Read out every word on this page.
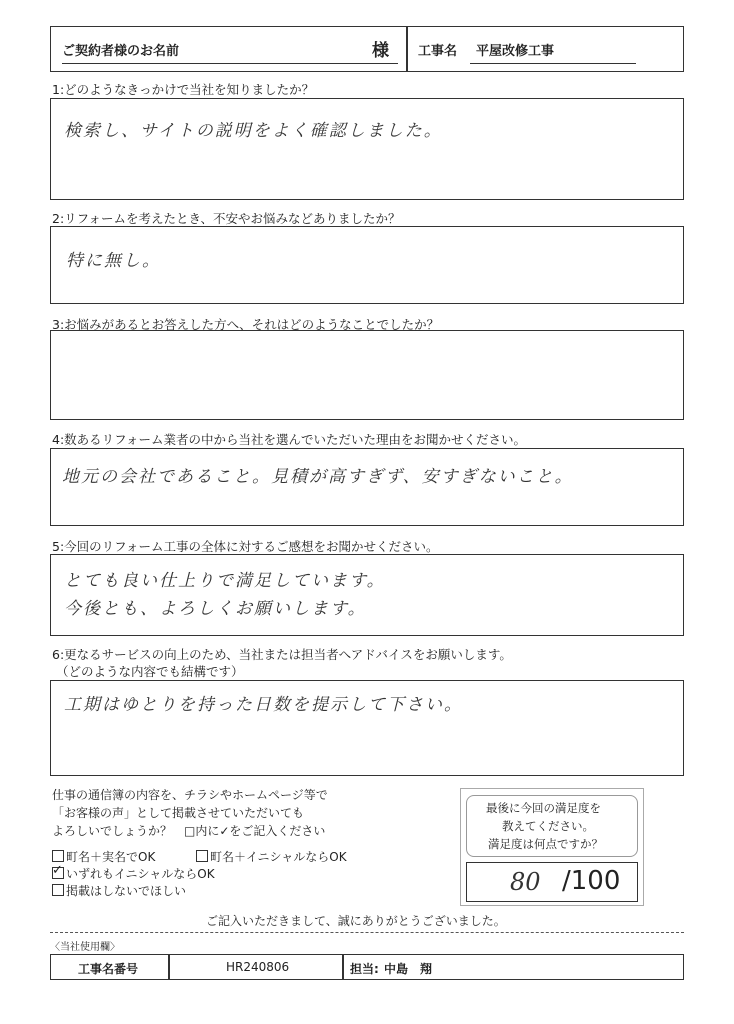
ご契約者様のお名前	様 工事名 平屋改修工事
1:どのようなきっかけで当社を知りましたか？
検索し、サイトの説明をよく確認しました。
2:リフォームを考えたとき、不安やお悩みなどありましたか？
特に無し。
3:お悩みがあるとお答えした方へ、それはどのようなことでしたか？
4:数あるリフォーム業者の中から当社を選んでいただいた理由をお聞かせください。
地元の会社であること。見積が高すぎず、安すぎないこと。
5:今回のリフォーム工事の全体に対するご感想をお聞かせください。
とても良い仕上りで満足しています。
今後とも、よろしくお願いします。
6:更なるサービスの向上のため、当社または担当者へアドバイスをお願いします。
（どのような内容でも結構です）
工期はゆとりを持った日数を提示して下さい。
仕事の通信簿の内容を、チラシやホームページ等で
「お客様の声」として掲載させていただいても
よろしいでしょうか？　□内に✓をご記入ください
町名＋実名でOK	町名＋イニシャルならOK
✓いずれもイニシャルならOK
掲載はしないでほしい
最後に今回の満足度を
教えてください。
満足度は何点ですか？
80 /100
ご記入いただきまして、誠にありがとうございました。
〈当社使用欄〉
工事名番号	HR240806	担当: 中島　翔
